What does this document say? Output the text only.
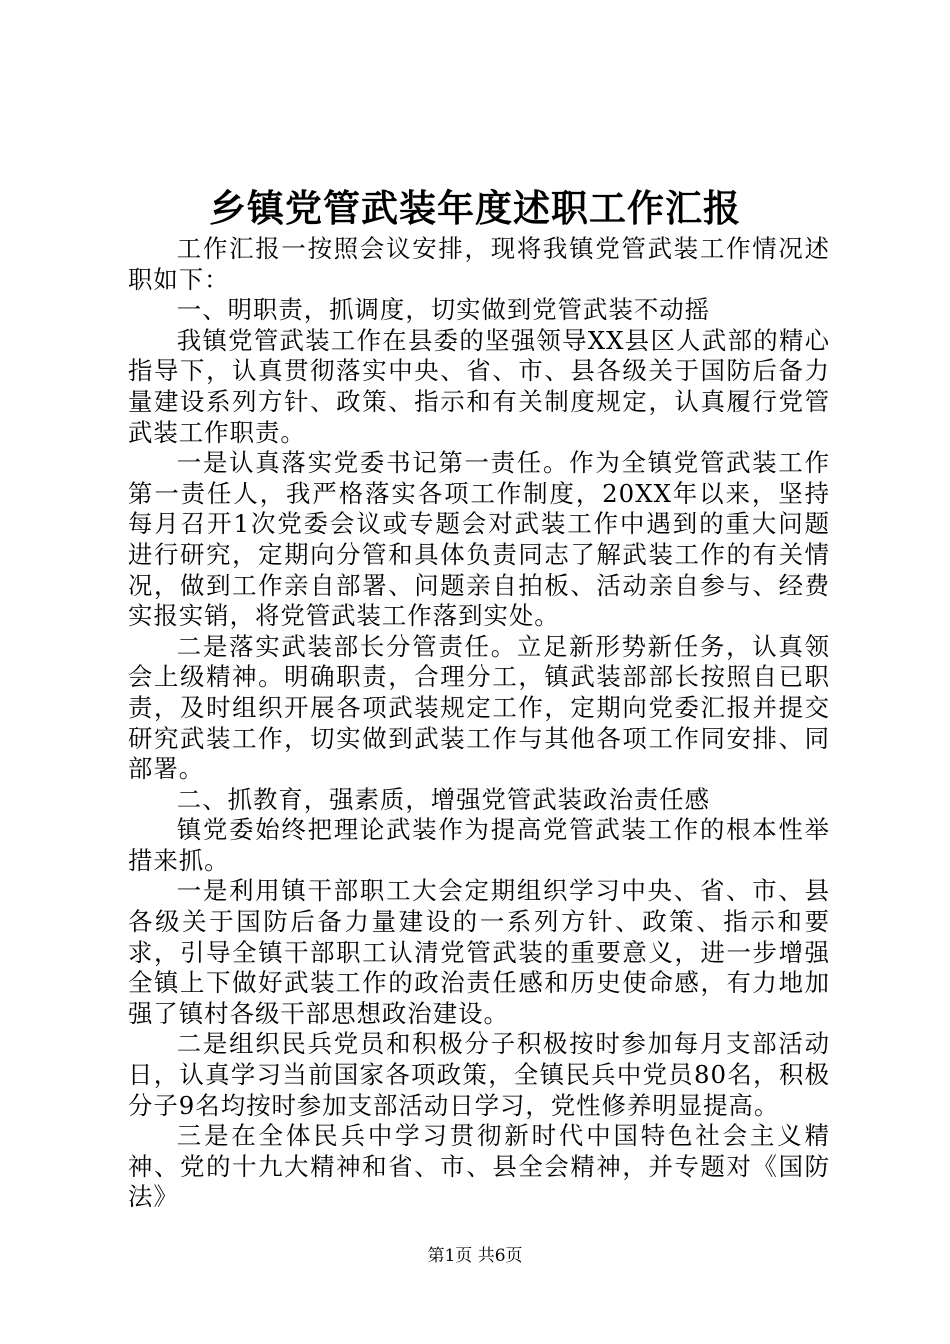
乡镇党管武装年度述职工作汇报

工作汇报一按照会议安排，现将我镇党管武装工作情况述职如下：

一、明职责，抓调度，切实做到党管武装不动摇

我镇党管武装工作在县委的坚强领导XX县区人武部的精心指导下，认真贯彻落实中央、省、市、县各级关于国防后备力量建设系列方针、政策、指示和有关制度规定，认真履行党管武装工作职责。

一是认真落实党委书记第一责任。作为全镇党管武装工作第一责任人，我严格落实各项工作制度，20XX年以来，坚持每月召开1次党委会议或专题会对武装工作中遇到的重大问题进行研究，定期向分管和具体负责同志了解武装工作的有关情况，做到工作亲自部署、问题亲自拍板、活动亲自参与、经费实报实销，将党管武装工作落到实处。

二是落实武装部长分管责任。立足新形势新任务，认真领会上级精神。明确职责，合理分工，镇武装部部长按照自已职责，及时组织开展各项武装规定工作，定期向党委汇报并提交研究武装工作，切实做到武装工作与其他各项工作同安排、同部署。

二、抓教育，强素质，增强党管武装政治责任感

镇党委始终把理论武装作为提高党管武装工作的根本性举措来抓。

一是利用镇干部职工大会定期组织学习中央、省、市、县各级关于国防后备力量建设的一系列方针、政策、指示和要求，引导全镇干部职工认清党管武装的重要意义，进一步增强全镇上下做好武装工作的政治责任感和历史使命感，有力地加强了镇村各级干部思想政治建设。

二是组织民兵党员和积极分子积极按时参加每月支部活动日，认真学习当前国家各项政策，全镇民兵中党员80名，积极分子9名均按时参加支部活动日学习，党性修养明显提高。

三是在全体民兵中学习贯彻新时代中国特色社会主义精神、党的十九大精神和省、市、县全会精神，并专题对《国防法》

第1页 共6页
